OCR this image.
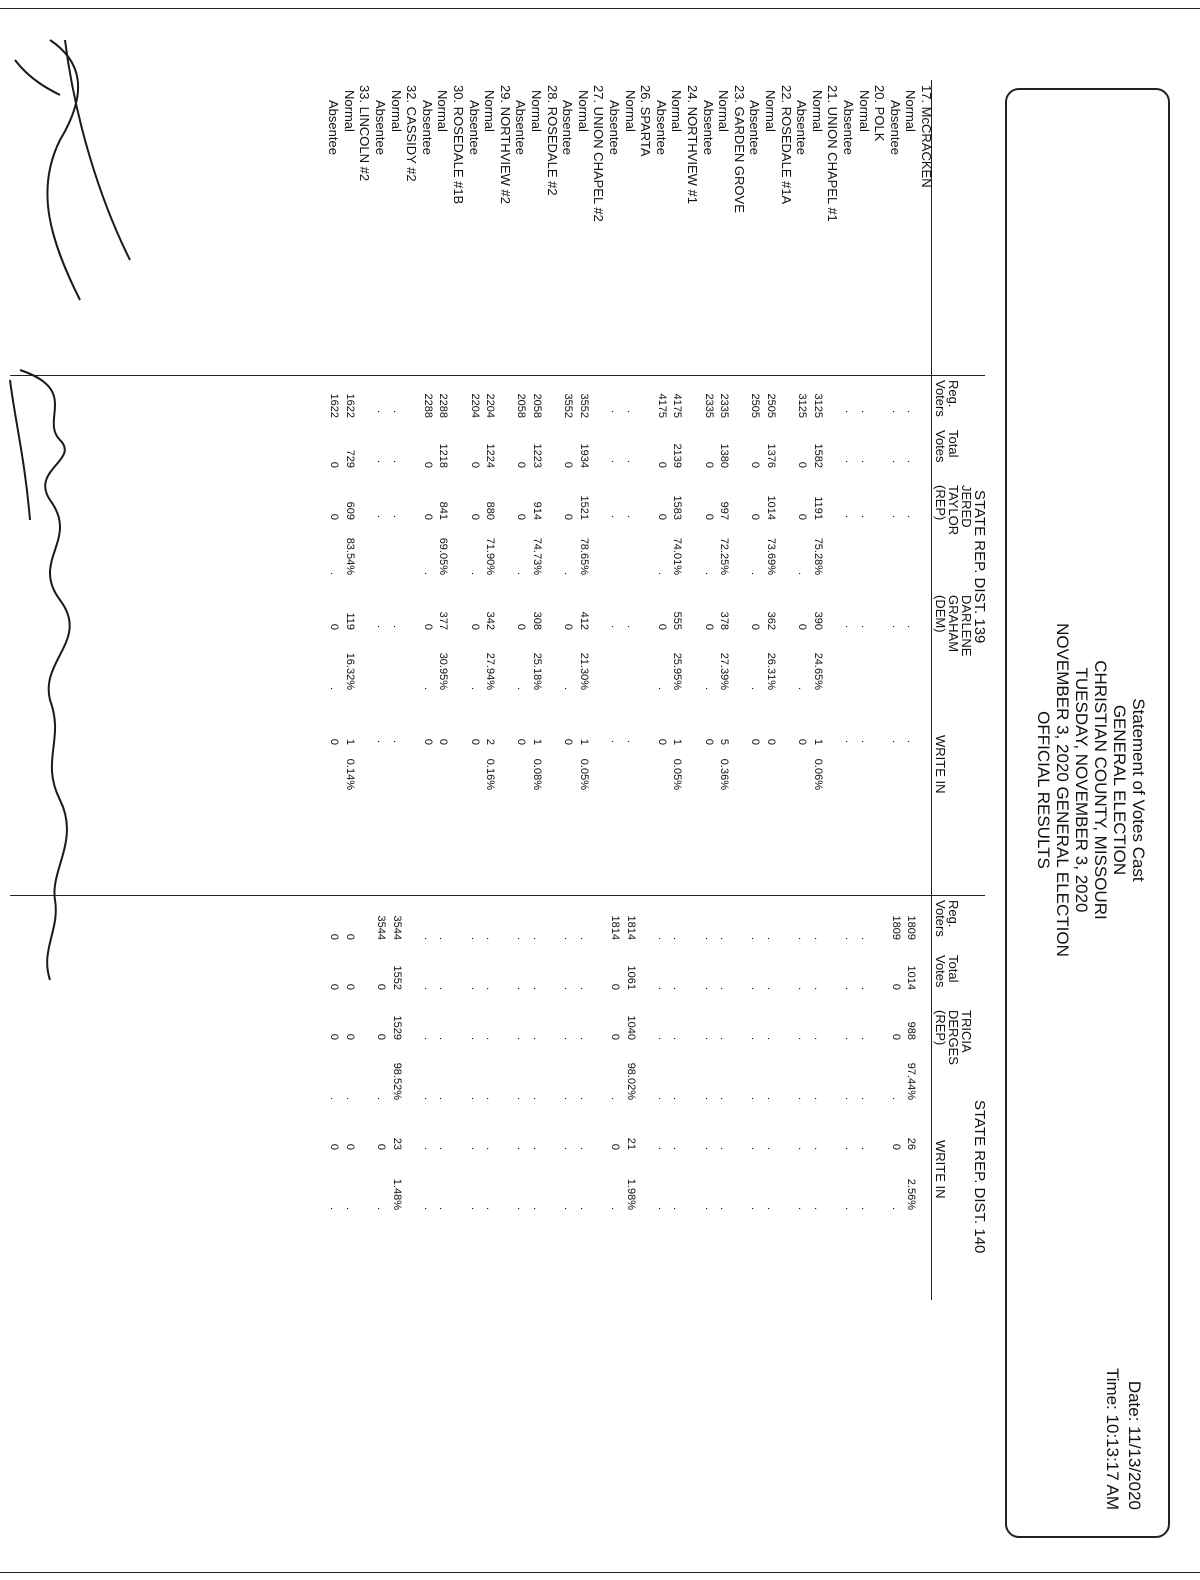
Statement of Votes Cast
GENERAL ELECTION
CHRISTIAN COUNTY, MISSOURI
TUESDAY, NOVEMBER 3, 2020
NOVEMBER 3, 2020 GENERAL ELECTION
OFFICIAL RESULTS
Date: 11/13/2020
Time: 10:13:17 AM
STATE REP. DIST. 139
STATE REP. DIST. 140
Reg.
Voters
Total
Votes
JERED
TAYLOR
(REP)
DARLENE
GRAHAM
(DEM)
WRITE IN
Reg.
Voters
Total
Votes
TRICIA
DERGES
(REP)
WRITE IN
17. McCRACKEN
Normal
.
.
.
.
.
1809
1014
988
97.44%
26
2.56%
Absentee
.
.
.
.
.
1809
0
0
.
0
.
20. POLK
Normal
.
.
.
.
.
.
.
.
.
.
.
Absentee
.
.
.
.
.
.
.
.
.
.
.
21. UNION CHAPEL #1
Normal
3125
1582
1191
75.28%
390
24.65%
1
0.06%
.
.
.
.
.
.
Absentee
3125
0
0
.
0
.
0
.
.
.
.
.
.
22. ROSEDALE #1A
Normal
2505
1376
1014
73.69%
362
26.31%
0
.
.
.
.
.
.
Absentee
2505
0
0
.
0
.
0
.
.
.
.
.
.
23. GARDEN GROVE
Normal
2335
1380
997
72.25%
378
27.39%
5
0.36%
.
.
.
.
.
.
Absentee
2335
0
0
.
0
.
0
.
.
.
.
.
.
24. NORTHVIEW #1
Normal
4175
2139
1583
74.01%
555
25.95%
1
0.05%
.
.
.
.
.
.
Absentee
4175
0
0
.
0
.
0
.
.
.
.
.
.
26. SPARTA
Normal
.
.
.
.
.
1814
1061
1040
98.02%
21
1.98%
Absentee
.
.
.
.
.
1814
0
0
.
0
.
27. UNION CHAPEL #2
Normal
3552
1934
1521
78.65%
412
21.30%
1
0.05%
.
.
.
.
.
.
Absentee
3552
0
0
.
0
.
0
.
.
.
.
.
.
28. ROSEDALE #2
Normal
2058
1223
914
74.73%
308
25.18%
1
0.08%
.
.
.
.
.
.
Absentee
2058
0
0
.
0
.
0
.
.
.
.
.
.
29. NORTHVIEW #2
Normal
2204
1224
880
71.90%
342
27.94%
2
0.16%
.
.
.
.
.
.
Absentee
2204
0
0
.
0
.
0
.
.
.
.
.
.
30. ROSEDALE #1B
Normal
2288
1218
841
69.05%
377
30.95%
0
.
.
.
.
.
.
Absentee
2288
0
0
.
0
.
0
.
.
.
.
.
.
32. CASSIDY #2
Normal
.
.
.
.
.
3544
1552
1529
98.52%
23
1.48%
Absentee
.
.
.
.
.
3544
0
0
.
0
.
33. LINCOLN #2
Normal
1622
729
609
83.54%
119
16.32%
1
0.14%
0
0
0
.
0
.
Absentee
1622
0
0
.
0
.
0
0
0
0
.
0
.
